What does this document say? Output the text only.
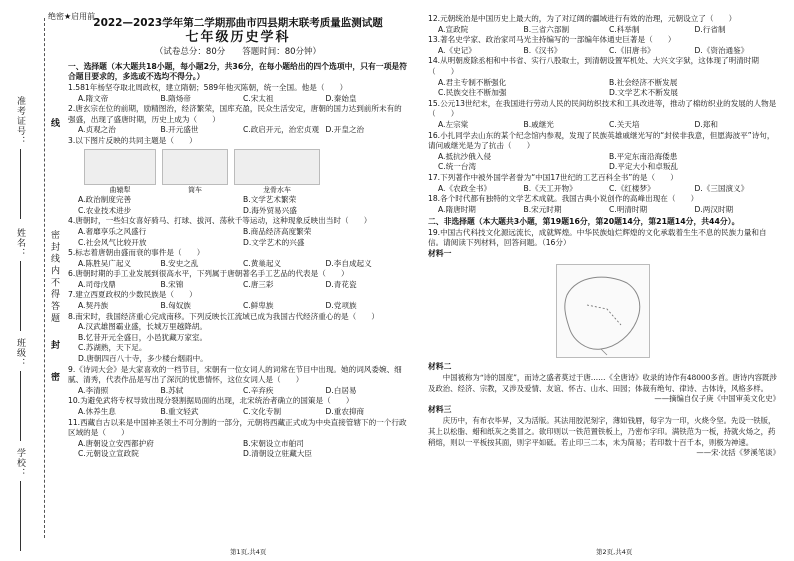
准考证号：
姓名：
班级：
学校：
线
密 封 线 内 不 得 答 题
封
密
绝密★启用前
2022—2023学年第二学期那曲市四县期末联考质量监测试题
七年级历史学科
（试卷总分：80分　　答题时间：80分钟）

一、选择题（本大题共18小题，每小题2分，共36分，在每小题给出的四个选项中，只有一项是符合题目要求的，多选或不选均不得分。）

1.581年杨坚夺取北周政权，建立隋朝；589年他灭陈朝，统一全国。他是（　　）

A.隋文帝	B.隋炀帝	C.宋太祖	D.秦始皇

2.唐玄宗在位的前期，励精图治，经济繁荣，国库充盈，民众生活安定，唐朝的国力达到前所未有的强盛，出现了盛唐时期，历史上成为（　　）

A.贞观之治	B.开元盛世	C.政启开元，治宏贞观 D.开皇之治

3.以下图片反映的共同主题是（　　）

曲辕犁	筒车	龙骨水车
A.政治制度完善	B.文学艺术繁荣
C.农业技术进步	D.海外贸易兴盛

4.唐朝时，一些妇女喜好骑马、打球、拔河、荡秋千等运动，这种现象反映出当时（　　）

A.奢靡享乐之风盛行	B.商品经济高度繁荣
C.社会风气比较开放	D.文学艺术的兴盛

5.标志着唐朝由盛而衰的事件是（　　）

A.陈胜吴广起义	B.安史之乱	C.黄巢起义	D.李自成起义

6.唐朝时期的手工业发展到很高水平，下列属于唐朝著名手工艺品的代表是（　　）

A.司母戊鼎	B.宋锦	C.唐三彩	D.青花瓷

7.建立西夏政权的少数民族是（　　）

A.契丹族	B.匈奴族	C.鲜卑族	D.党项族

8.南宋时，我国经济重心完成南移。下列反映长江流域已成为我国古代经济重心的是（　　）

A.汉武雄图霸业盛，长城万里越降胡。
B.忆昔开元全盛日，小邑犹藏万家室。
C.苏湖熟，天下足。
D.唐朝四百八十寺，多少楼台烟雨中。

9.《诗词大会》是大家喜欢的一档节目，宋朝有一位女词人的词常在节目中出现。她的词风委婉、细腻、清秀，代表作品是写出了深沉的忧患情怀，这位女词人是（　　）

A.李清照	B.苏轼	C.辛弃疾	D.白居易

10.为避免武将专权导致出现分裂割据局面的出现，北宋统治者确立的国策是（　　）

A.休养生息	B.重文轻武	C.文化专制	D.重农抑商

11.西藏自古以来是中国神圣领土不可分割的一部分，元朝将西藏正式成为中央直接管辖下的一个行政区域的是（　　）

A.唐朝设立安西都护府	B.宋朝设立市舶司
C.元朝设立宣政院	D.清朝设立驻藏大臣

12.元朝统治是中国历史上最大的，为了对辽阔的疆域进行有效的治理，元朝设立了（　　）

A.宣政院	B.三省六部制	C.科举制	D.行省制

13.著名史学家、政治家司马光主持编写的一部编年体通史巨著是（　　）

A.《史记》	B.《汉书》	C.《旧唐书》	D.《资治通鉴》

14.从明朝废除丞相和中书省、实行八股取士，到清朝设置军机处、大兴文字狱，这体现了明清时期（　　）

A.君主专制不断强化	B.社会经济不断发展
C.民族交往不断加强	D.文学艺术不断发展

15.公元13世纪末，在我国进行劳动人民的民间纺织技术和工具改进等，推动了棉纺织业的发展的人物是（　　）

A.左宗棠	B.戚继光	C.关天培	D.郑和

16.小扎同学去山东的某个纪念馆内参观，发现了民族英雄戚继光写的“封侯非我意，但愿海波平”诗句，请问戚继光是为了抗击（　　）

A.抵抗沙俄入侵	B.平定东南沿海倭患
C.统一台湾	D.平定大小和卓叛乱

17.下列著作中被外国学者誉为“中国17世纪的工艺百科全书”的是（　　）

A.《农政全书》	B.《天工开物》	C.《红楼梦》	D.《三国演义》

18.各个时代都有独特的文学艺术成就。我国古典小说创作的高峰出现在（　　）

A.隋唐时期	B.宋元时期	C.明清时期	D.两汉时期

二、非选择题（本大题共3小题，第19题16分，第20题14分，第21题14分，共44分）。

19.中国古代科技文化源远流长，成就辉煌。中华民族灿烂辉煌的文化承载着生生不息的民族力量和自信。请阅读下列材料，回答问题。（16分）

材料一

材料二

中国被称为“诗的国度”，而诗之盛者莫过于唐……《全唐诗》收录的诗作有48000多首。唐诗内容既涉及政治、经济、宗教，又涉及爱情、友谊、怀古、山水、田园；体裁有绝句、律诗、古体诗，风格多样。

——摘编自仅子庚《中国审美文化史》

材料三

庆历中，有布衣毕昇，又为活版。其法用胶泥刻字，薄如钱唇，每字为一印，火烧令坚。先设一铁版，其上以松脂、蜡和纸灰之类冒之。欲印则以一铁范置铁板上，乃密布字印。满铁范为一板，持就火炀之，药稍熔，则以一平板按其面，则字平如砥。若止印三二本，未为简易；若印数十百千本，则极为神速。

——宋·沈括《梦溪笔谈》

第1页,共4页	第2页,共4页
